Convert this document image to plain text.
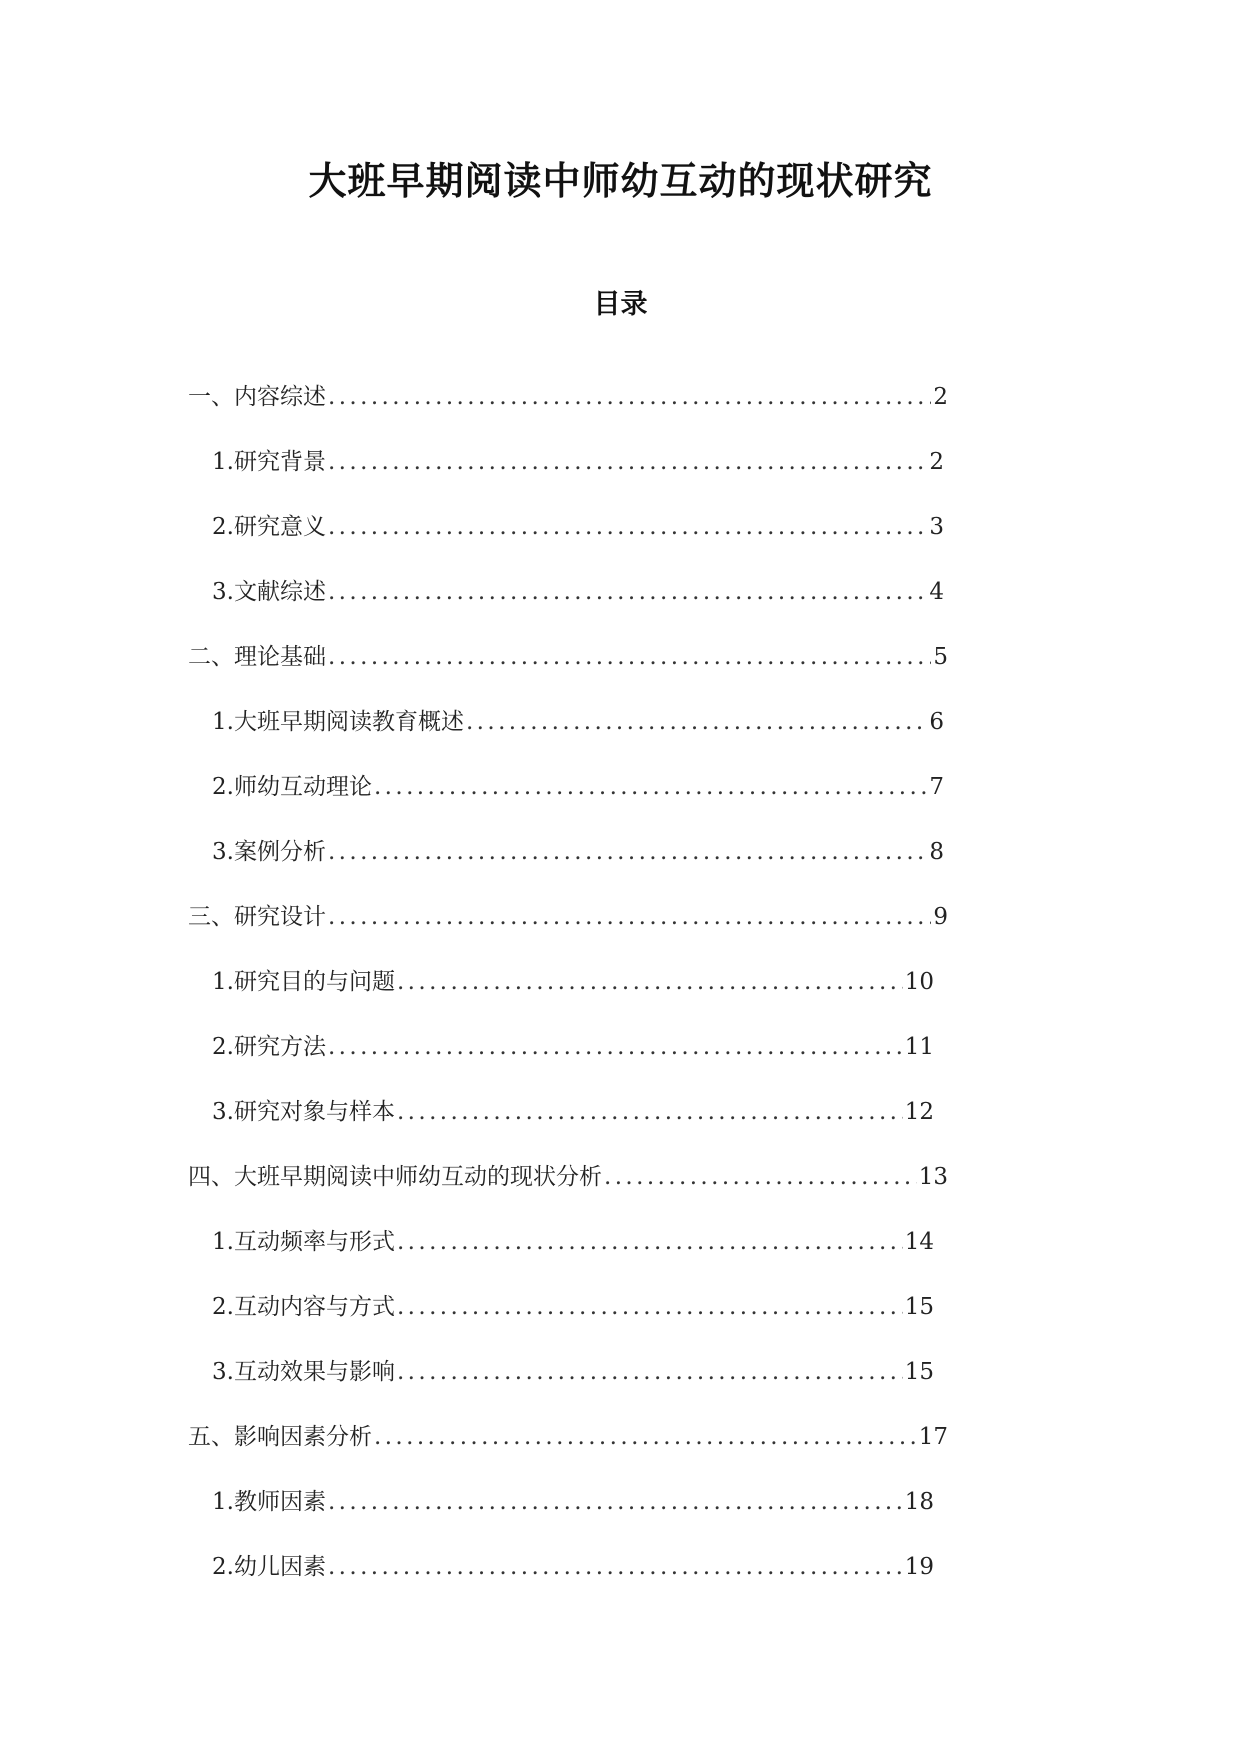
大班早期阅读中师幼互动的现状研究
目录
一、内容综述 .....	2
1. 研究背景 .....	2
2. 研究意义 .....	3
3. 文献综述 .....	4
二、理论基础 .....	5
1. 大班早期阅读教育概述 .....	6
2. 师幼互动理论 .....	7
3. 案例分析 .....	8
三、研究设计 .....	9
1. 研究目的与问题 .....	10
2. 研究方法 .....	11
3. 研究对象与样本 .....	12
四、大班早期阅读中师幼互动的现状分析 .....	13
1. 互动频率与形式 .....	14
2. 互动内容与方式 .....	15
3. 互动效果与影响 .....	15
五、影响因素分析 .....	17
1. 教师因素 .....	18
2. 幼儿因素 .....	19
